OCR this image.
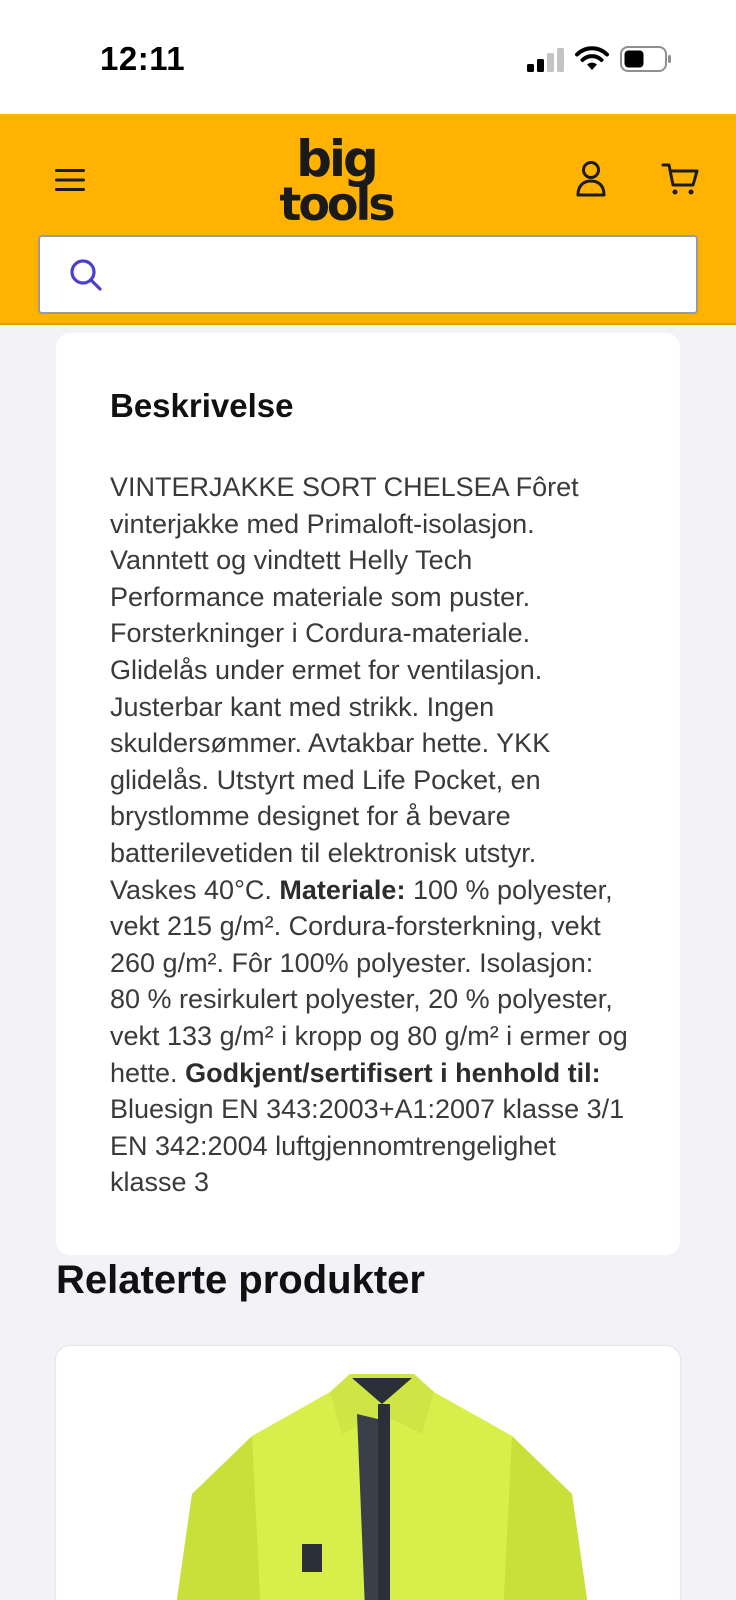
12:11
big
tools
Beskrivelse

VINTERJAKKE SORT CHELSEA Fôret vinterjakke med Primaloft-isolasjon. Vanntett og vindtett Helly Tech Performance materiale som puster. Forsterkninger i Cordura-materiale. Glidelås under ermet for ventilasjon. Justerbar kant med strikk. Ingen skuldersømmer. Avtakbar hette. YKK glidelås. Utstyrt med Life Pocket, en brystlomme designet for å bevare batterilevetiden til elektronisk utstyr. Vaskes 40°C. Materiale: 100 % polyester, vekt 215 g/m². Cordura-forsterkning, vekt 260 g/m². Fôr 100% polyester. Isolasjon: 80 % resirkulert polyester, 20 % polyester, vekt 133 g/m² i kropp og 80 g/m² i ermer og hette. Godkjent/sertifisert i henhold til: Bluesign EN 343:2003+A1:2007 klasse 3/1 EN 342:2004 luftgjennomtrengelighet klasse 3

Relaterte produkter
